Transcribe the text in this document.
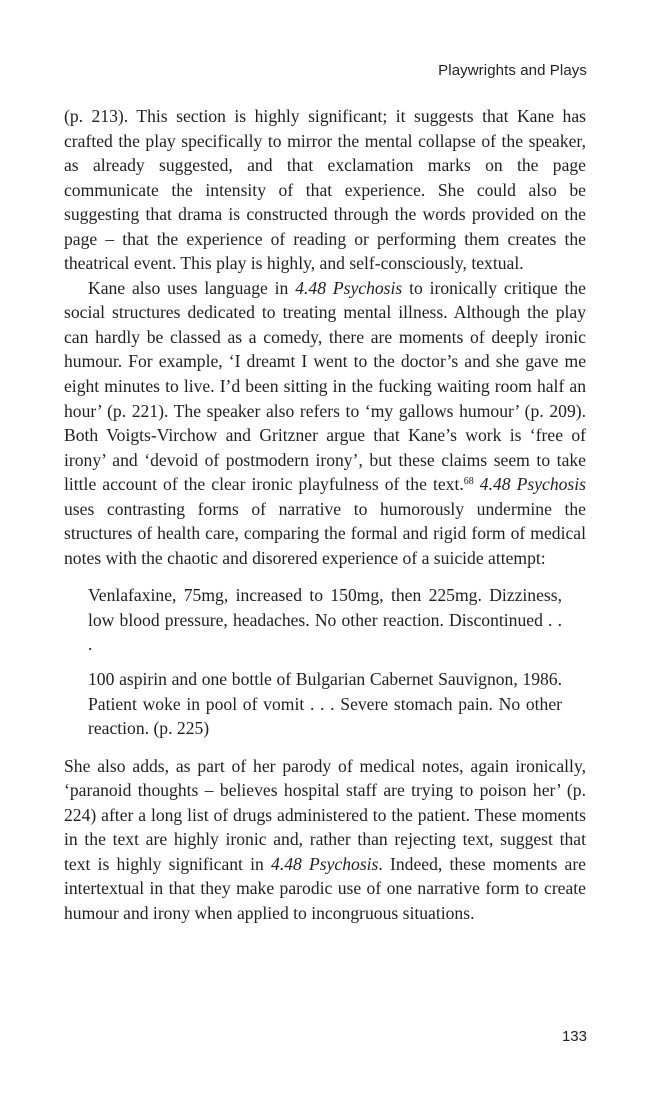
Playwrights and Plays

(p. 213). This section is highly significant; it suggests that Kane has crafted the play specifically to mirror the mental collapse of the speaker, as already suggested, and that exclamation marks on the page communicate the intensity of that experience. She could also be suggesting that drama is constructed through the words provided on the page – that the experience of reading or performing them creates the theatrical event. This play is highly, and self-consciously, textual.

Kane also uses language in 4.48 Psychosis to ironically critique the social structures dedicated to treating mental illness. Although the play can hardly be classed as a comedy, there are moments of deeply ironic humour. For example, ‘I dreamt I went to the doctor’s and she gave me eight minutes to live. I’d been sitting in the fucking waiting room half an hour’ (p. 221). The speaker also refers to ‘my gallows humour’ (p. 209). Both Voigts-Virchow and Gritzner argue that Kane’s work is ‘free of irony’ and ‘devoid of postmodern irony’, but these claims seem to take little account of the clear ironic playfulness of the text.$^{68}$ 4.48 Psychosis uses contrasting forms of narrative to humorously undermine the structures of health care, comparing the formal and rigid form of medical notes with the chaotic and disorered experience of a suicide attempt:

Venlafaxine, 75mg, increased to 150mg, then 225mg. Dizziness, low blood pressure, headaches. No other reaction. Discontinued . . .

100 aspirin and one bottle of Bulgarian Cabernet Sauvignon, 1986. Patient woke in pool of vomit . . . Severe stomach pain. No other reaction. (p. 225)

She also adds, as part of her parody of medical notes, again ironically, ‘paranoid thoughts – believes hospital staff are trying to poison her’ (p. 224) after a long list of drugs administered to the patient. These moments in the text are highly ironic and, rather than rejecting text, suggest that text is highly significant in 4.48 Psychosis. Indeed, these moments are intertextual in that they make parodic use of one narrative form to create humour and irony when applied to incongruous situations.

133
